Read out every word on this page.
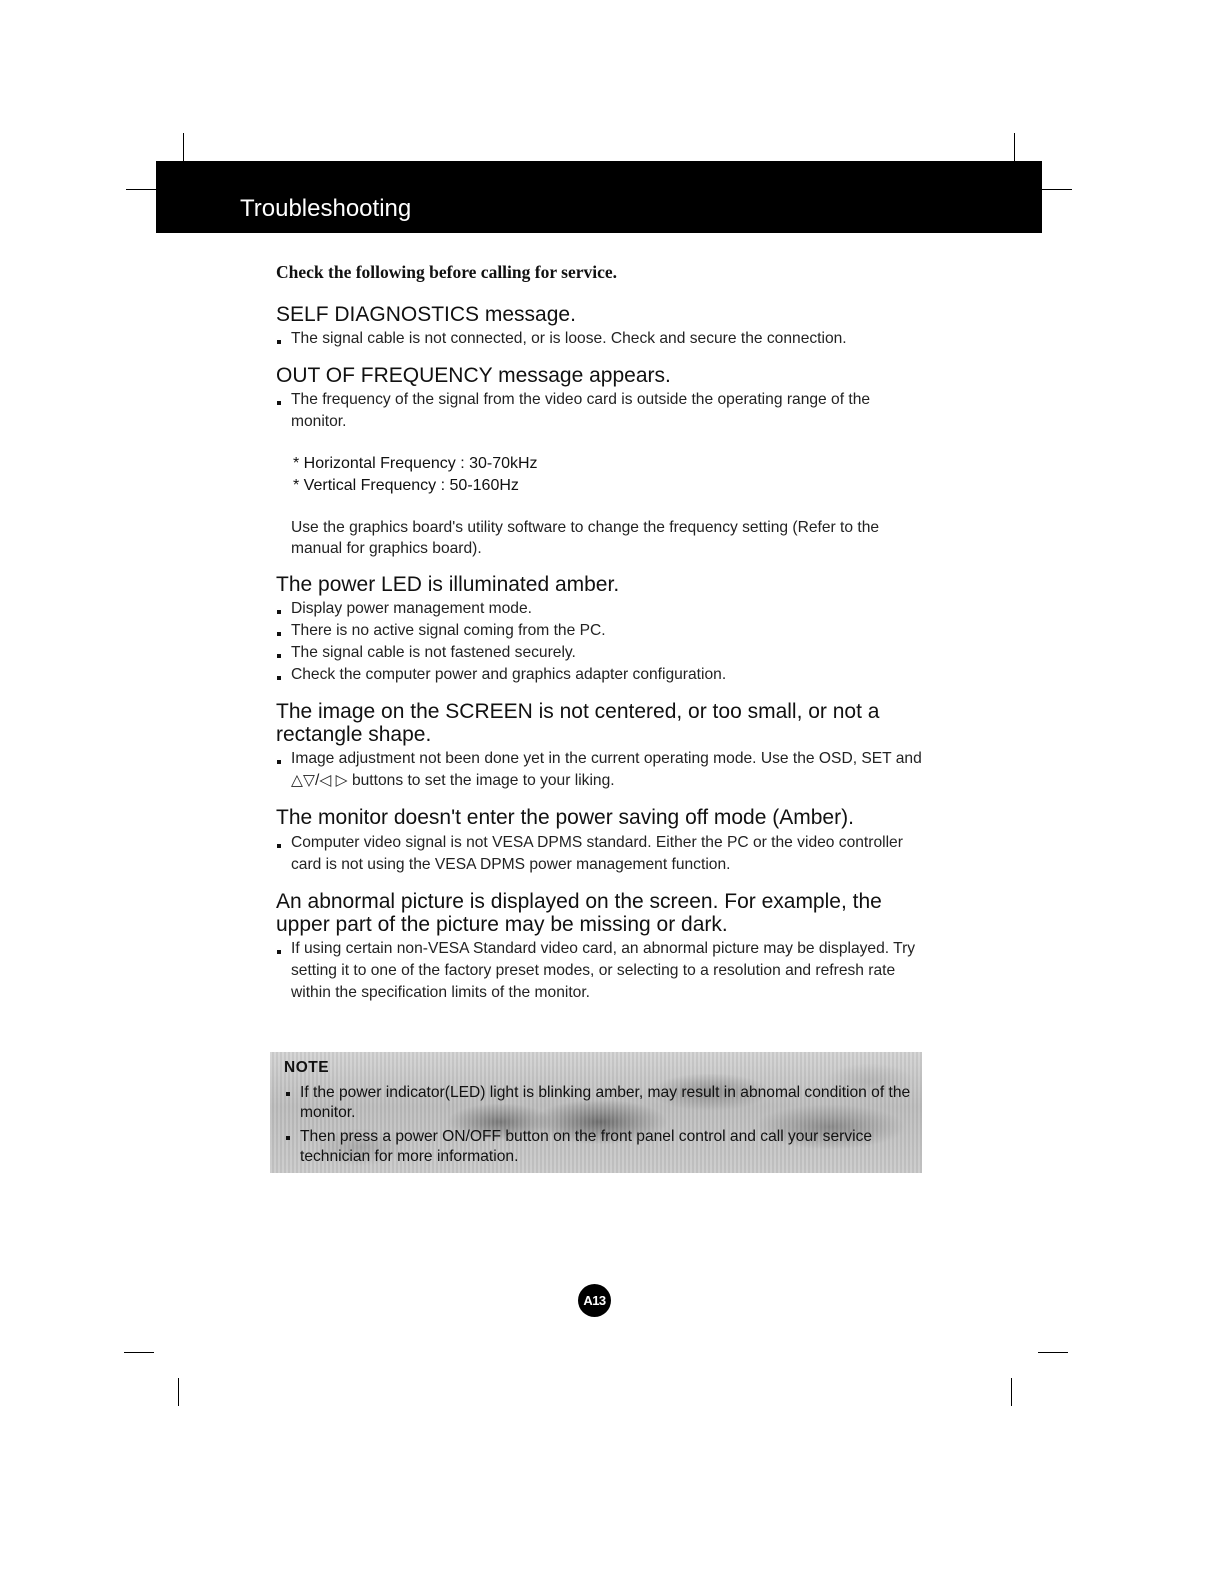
Troubleshooting
Check the following before calling for service.
SELF DIAGNOSTICS message.
The signal cable is not connected, or is loose. Check and secure the connection.
OUT OF FREQUENCY message appears.
The frequency of the signal from the video card is outside the operating range of the monitor.
* Horizontal Frequency : 30-70kHz
* Vertical Frequency : 50-160Hz
Use the graphics board's utility software to change the frequency setting (Refer to the manual for graphics board).
The power LED is illuminated amber.
Display power management mode.
There is no active signal coming from the PC.
The signal cable is not fastened securely.
Check the computer power and graphics adapter configuration.
The image on the SCREEN is not centered, or too small, or not a rectangle shape.
Image adjustment not been done yet in the current operating mode. Use the OSD, SET and △▽/◁ ▷ buttons to set the image to your liking.
The monitor doesn't enter the power saving off mode (Amber).
Computer video signal is not VESA DPMS standard. Either the PC or the video controller card is not using the VESA DPMS power management function.
An abnormal picture is displayed on the screen. For example, the upper part of the picture may be missing or dark.
If using certain non-VESA Standard video card, an abnormal picture may be displayed. Try setting it to one of the factory preset modes, or selecting to a resolution and refresh rate within the specification limits of the monitor.
NOTE
If the power indicator(LED) light is blinking amber, may result in abnomal condition of the monitor.
Then press a power ON/OFF button on the front panel control and call your service technician for more information.
A13
